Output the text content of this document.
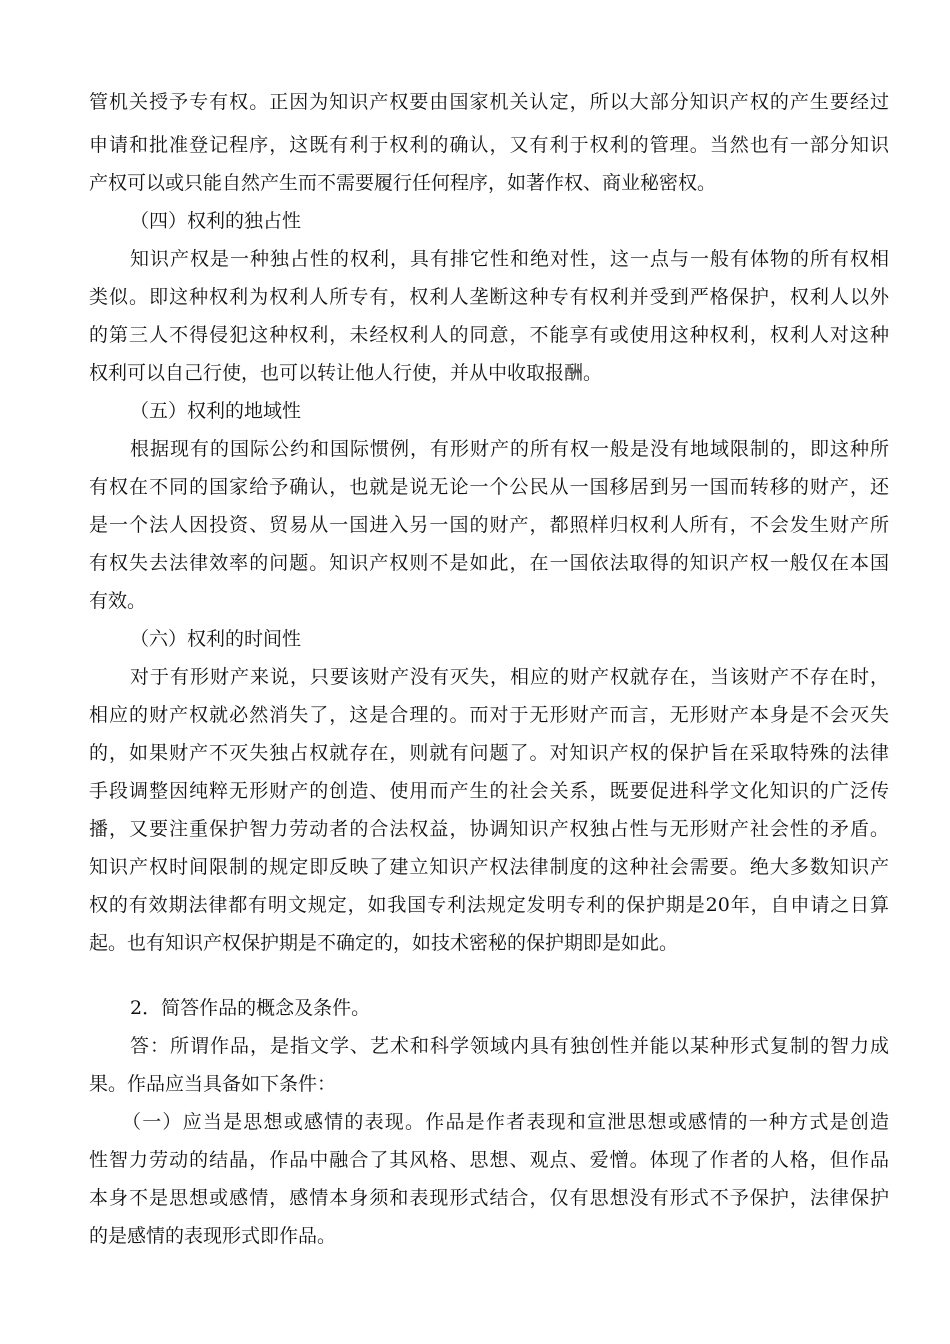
管机关授予专有权。正因为知识产权要由国家机关认定，所以大部分知识产权的产生要经过
申请和批准登记程序，这既有利于权利的确认，又有利于权利的管理。当然也有一部分知识
产权可以或只能自然产生而不需要履行任何程序，如著作权、商业秘密权。
（四）权利的独占性
知识产权是一种独占性的权利，具有排它性和绝对性，这一点与一般有体物的所有权相
类似。即这种权利为权利人所专有，权利人垄断这种专有权利并受到严格保护，权利人以外
的第三人不得侵犯这种权利，未经权利人的同意，不能享有或使用这种权利，权利人对这种
权利可以自己行使，也可以转让他人行使，并从中收取报酬。
（五）权利的地域性
根据现有的国际公约和国际惯例，有形财产的所有权一般是没有地域限制的，即这种所
有权在不同的国家给予确认，也就是说无论一个公民从一国移居到另一国而转移的财产，还
是一个法人因投资、贸易从一国进入另一国的财产，都照样归权利人所有，不会发生财产所
有权失去法律效率的问题。知识产权则不是如此，在一国依法取得的知识产权一般仅在本国
有效。
（六）权利的时间性
对于有形财产来说，只要该财产没有灭失，相应的财产权就存在，当该财产不存在时，
相应的财产权就必然消失了，这是合理的。而对于无形财产而言，无形财产本身是不会灭失
的，如果财产不灭失独占权就存在，则就有问题了。对知识产权的保护旨在采取特殊的法律
手段调整因纯粹无形财产的创造、使用而产生的社会关系，既要促进科学文化知识的广泛传
播，又要注重保护智力劳动者的合法权益，协调知识产权独占性与无形财产社会性的矛盾。
知识产权时间限制的规定即反映了建立知识产权法律制度的这种社会需要。绝大多数知识产
权的有效期法律都有明文规定，如我国专利法规定发明专利的保护期是20年，自申请之日算
起。也有知识产权保护期是不确定的，如技术密秘的保护期即是如此。
2．简答作品的概念及条件。
答：所谓作品，是指文学、艺术和科学领域内具有独创性并能以某种形式复制的智力成
果。作品应当具备如下条件：
（一）应当是思想或感情的表现。作品是作者表现和宣泄思想或感情的一种方式是创造
性智力劳动的结晶，作品中融合了其风格、思想、观点、爱憎。体现了作者的人格，但作品
本身不是思想或感情，感情本身须和表现形式结合，仅有思想没有形式不予保护，法律保护
的是感情的表现形式即作品。
